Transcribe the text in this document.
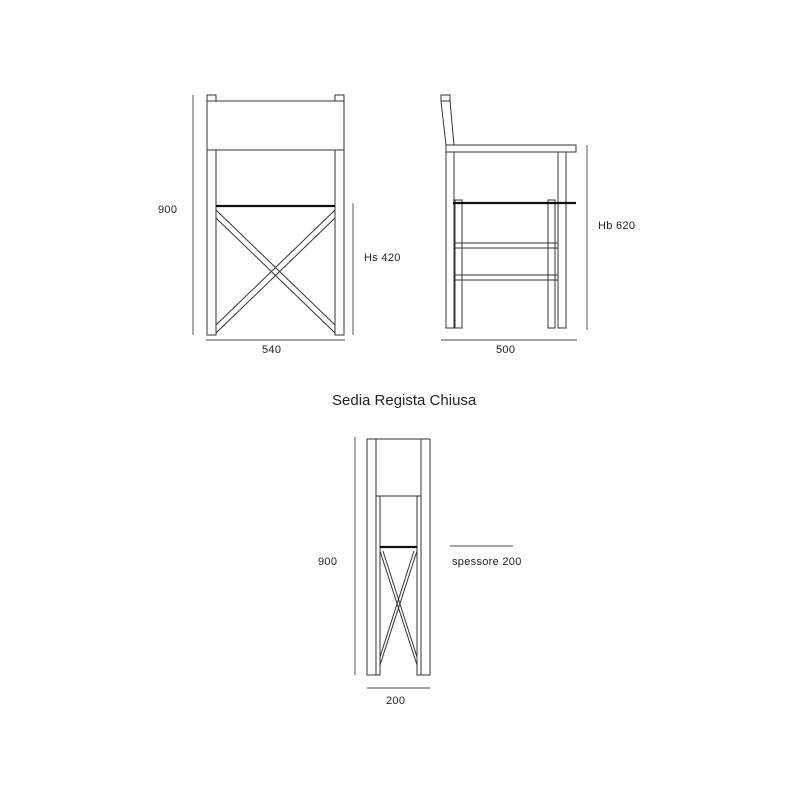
900
540
Hs 420
500
Hb 620
Sedia Regista Chiusa
900
200
spessore 200
